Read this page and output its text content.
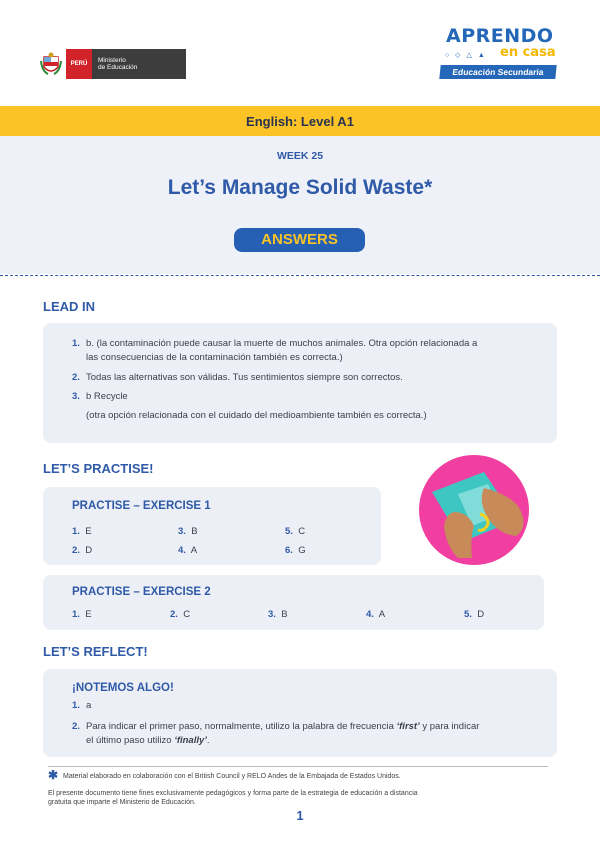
PERÚ	Ministerio
de Educación
APRENDO
○ ◇ △ ▲ en casa
Educación Secundaria
English: Level A1
WEEK 25
Let’s Manage Solid Waste*
ANSWERS
LEAD IN
1. b. (la contaminación puede causar la muerte de muchos animales. Otra opción relacionada a
las consecuencias de la contaminación también es correcta.)
2. Todas las alternativas son válidas. Tus sentimientos siempre son correctos.
3. b Recycle
(otra opción relacionada con el cuidado del medioambiente también es correcta.)
LET’S PRACTISE!
PRACTISE – EXERCISE 1
1. E	3. B	5. C
2. D	4. A	6. G
PRACTISE – EXERCISE 2
1. E	2. C	3. B	4. A	5. D
LET’S REFLECT!
¡NOTEMOS ALGO!
1. a
2. Para indicar el primer paso, normalmente, utilizo la palabra de frecuencia ‘first’ y para indicar
el último paso utilizo ‘finally’.
✱ Material elaborado en colaboración con el British Council y RELO Andes de la Embajada de Estados Unidos.
El presente documento tiene fines exclusivamente pedagógicos y forma parte de la estrategia de educación a distancia
gratuita que imparte el Ministerio de Educación.
1
